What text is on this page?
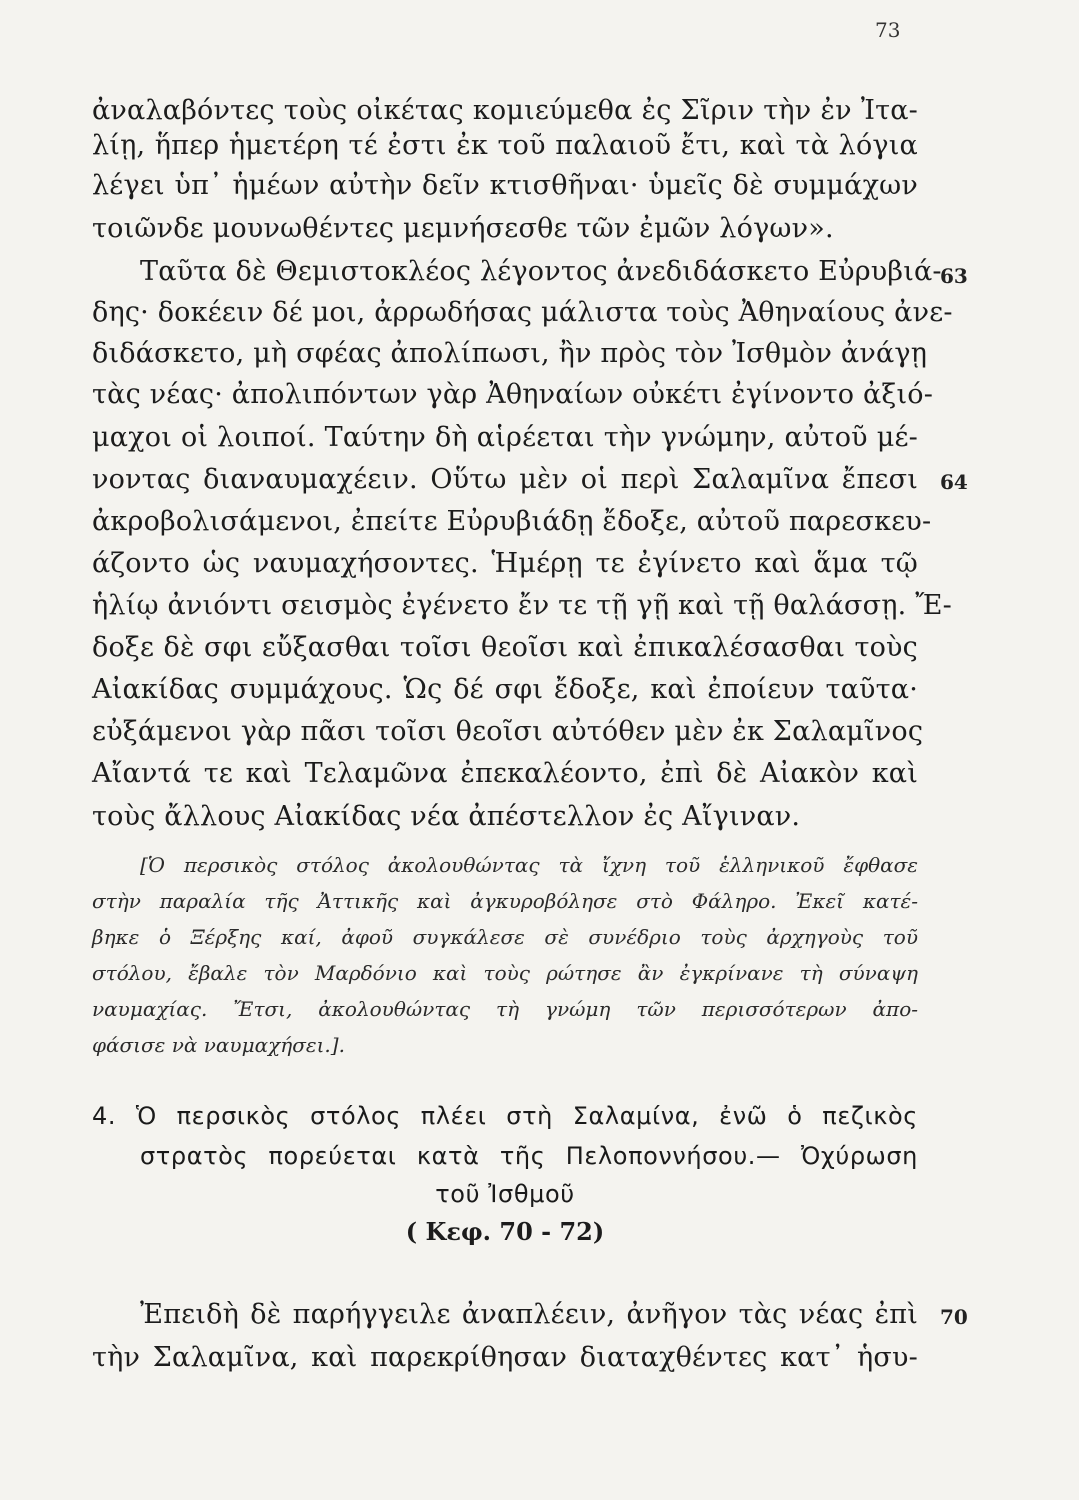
73
ἀναλαβόντες τοὺς οἰκέτας κομιεύμεθα ἐς Σῖριν τὴν ἐν Ἰτα-
λίῃ, ἥπερ ἡμετέρη τέ ἐστι ἐκ τοῦ παλαιοῦ ἔτι, καὶ τὰ λόγια
λέγει ὑπ᾽ ἡμέων αὐτὴν δεῖν κτισθῆναι· ὑμεῖς δὲ συμμάχων
τοιῶνδε μουνωθέντες μεμνήσεσθε τῶν ἐμῶν λόγων».
Ταῦτα δὲ Θεμιστοκλέος λέγοντος ἀνεδιδάσκετο Εὐρυβιά-
δης· δοκέειν δέ μοι, ἀρρωδήσας μάλιστα τοὺς Ἀθηναίους ἀνε-
διδάσκετο, μὴ σφέας ἀπολίπωσι, ἢν πρὸς τὸν Ἰσθμὸν ἀνάγῃ
τὰς νέας· ἀπολιπόντων γὰρ Ἀθηναίων οὐκέτι ἐγίνοντο ἀξιό-
μαχοι οἱ λοιποί. Ταύτην δὴ αἱρέεται τὴν γνώμην, αὐτοῦ μέ-
νοντας διαναυμαχέειν. Οὕτω μὲν οἱ περὶ Σαλαμῖνα ἔπεσι
ἀκροβολισάμενοι, ἐπείτε Εὐρυβιάδῃ ἔδοξε, αὐτοῦ παρεσκευ-
άζοντο ὡς ναυμαχήσοντες. Ἡμέρῃ τε ἐγίνετο καὶ ἅμα τῷ
ἡλίῳ ἀνιόντι σεισμὸς ἐγένετο ἔν τε τῇ γῇ καὶ τῇ θαλάσσῃ. Ἔ-
δοξε δὲ σφι εὔξασθαι τοῖσι θεοῖσι καὶ ἐπικαλέσασθαι τοὺς
Αἰακίδας συμμάχους. Ὡς δέ σφι ἔδοξε, καὶ ἐποίευν ταῦτα·
εὐξάμενοι γὰρ πᾶσι τοῖσι θεοῖσι αὐτόθεν μὲν ἐκ Σαλαμῖνος
Αἴαντά τε καὶ Τελαμῶνα ἐπεκαλέοντο, ἐπὶ δὲ Αἰακὸν καὶ
τοὺς ἄλλους Αἰακίδας νέα ἀπέστελλον ἐς Αἴγιναν.
63
64
70
[Ὁ περσικὸς στόλος ἀκολουθώντας τὰ ἴχνη τοῦ ἑλληνικοῦ ἔφθασε
στὴν παραλία τῆς Ἀττικῆς καὶ ἀγκυροβόλησε στὸ Φάληρο. Ἐκεῖ κατέ-
βηκε ὁ Ξέρξης καί, ἀφοῦ συγκάλεσε σὲ συνέδριο τοὺς ἀρχηγοὺς τοῦ
στόλου, ἔβαλε τὸν Μαρδόνιο καὶ τοὺς ρώτησε ἂν ἐγκρίνανε τὴ σύναψη
ναυμαχίας. Ἔτσι, ἀκολουθώντας τὴ γνώμη τῶν περισσότερων ἀπο-
φάσισε νὰ ναυμαχήσει.].
4. Ὁ περσικὸς στόλος πλέει στὴ Σαλαμίνα, ἐνῶ ὁ πεζικὸς
στρατὸς πορεύεται κατὰ τῆς Πελοποννήσου.— Ὀχύρωση
τοῦ Ἰσθμοῦ
( Κεφ. 70 - 72)
Ἐπειδὴ δὲ παρήγγειλε ἀναπλέειν, ἀνῆγον τὰς νέας ἐπὶ
τὴν Σαλαμῖνα, καὶ παρεκρίθησαν διαταχθέντες κατ᾽ ἡσυ-
